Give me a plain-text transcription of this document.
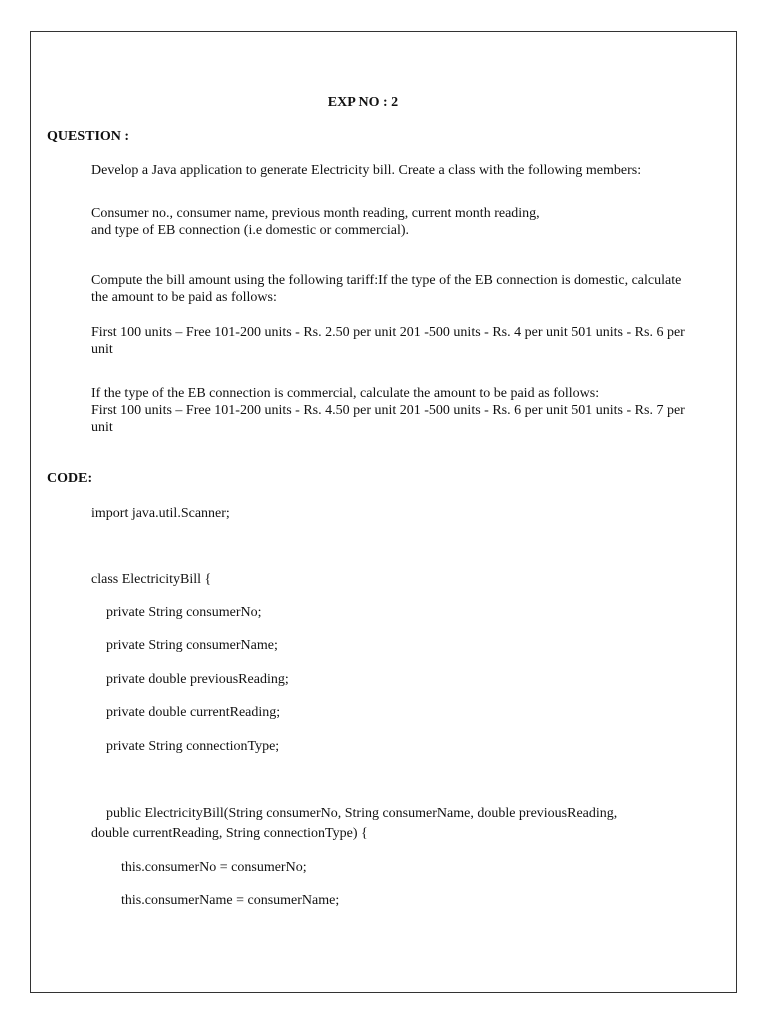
EXP NO : 2
QUESTION :
Develop a Java application to generate Electricity bill. Create a class with the following members:
Consumer no., consumer name, previous month reading, current month reading,
and type of EB connection (i.e domestic or commercial).
Compute the bill amount using the following tariff:If the type of the EB connection is domestic, calculate the amount to be paid as follows:
First 100 units – Free 101-200 units - Rs. 2.50 per unit 201 -500 units - Rs. 4 per unit 501 units - Rs. 6 per unit
If the type of the EB connection is commercial, calculate the amount to be paid as follows:
First 100 units – Free 101-200 units - Rs. 4.50 per unit 201 -500 units - Rs. 6 per unit 501 units - Rs. 7 per unit
CODE:
import java.util.Scanner;
class ElectricityBill {
private String consumerNo;
private String consumerName;
private double previousReading;
private double currentReading;
private String connectionType;
public ElectricityBill(String consumerNo, String consumerName, double previousReading,
double currentReading, String connectionType) {
this.consumerNo = consumerNo;
this.consumerName = consumerName;
